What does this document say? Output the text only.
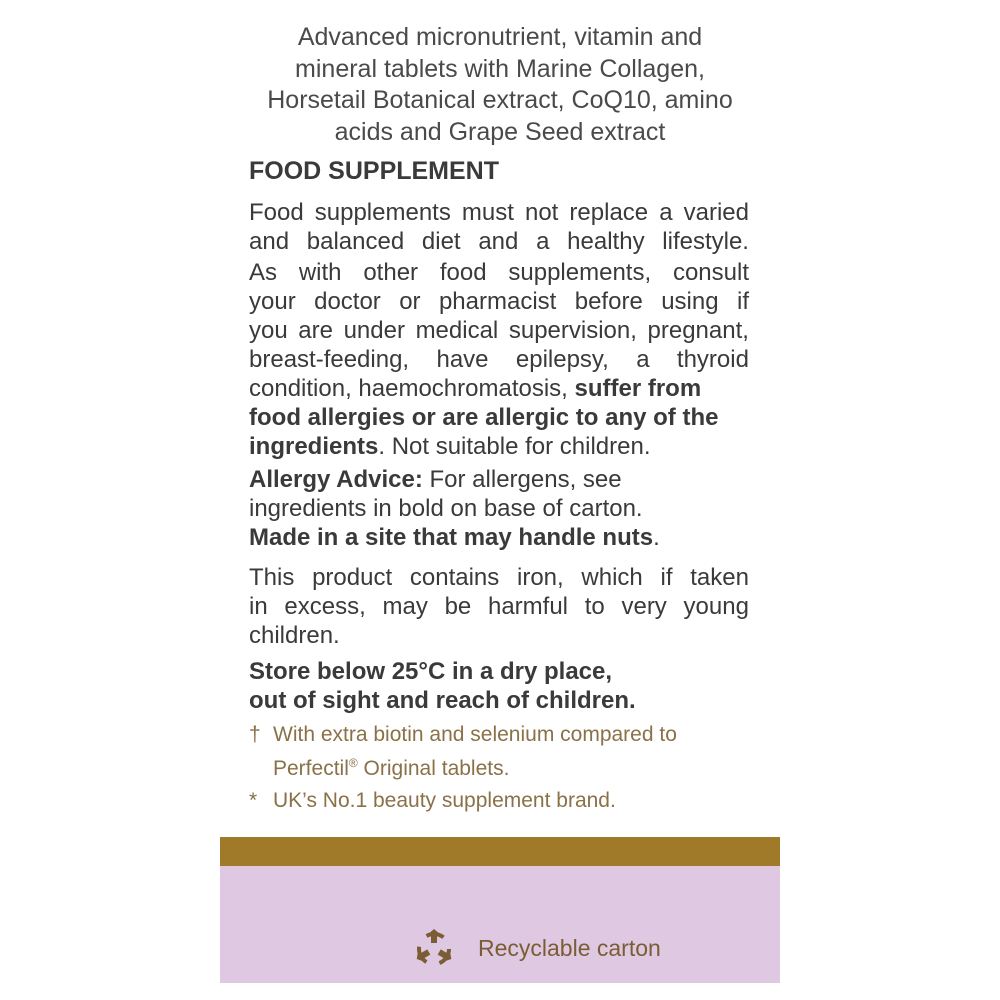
Advanced micronutrient, vitamin and
mineral tablets with Marine Collagen,
Horsetail Botanical extract, CoQ10, amino
acids and Grape Seed extract
FOOD SUPPLEMENT
Food supplements must not replace a varied
and balanced diet and a healthy lifestyle.
As with other food supplements, consult
your doctor or pharmacist before using if
you are under medical supervision, pregnant,
breast-feeding, have epilepsy, a thyroid
condition, haemochromatosis, suffer from
food allergies or are allergic to any of the
ingredients. Not suitable for children.
Allergy Advice: For allergens, see
ingredients in bold on base of carton.
Made in a site that may handle nuts.
This product contains iron, which if taken
in excess, may be harmful to very young
children.
Store below 25°C in a dry place,
out of sight and reach of children.
† With extra biotin and selenium compared to
Perfectil® Original tablets.
* UK’s No.1 beauty supplement brand.
Recyclable carton
